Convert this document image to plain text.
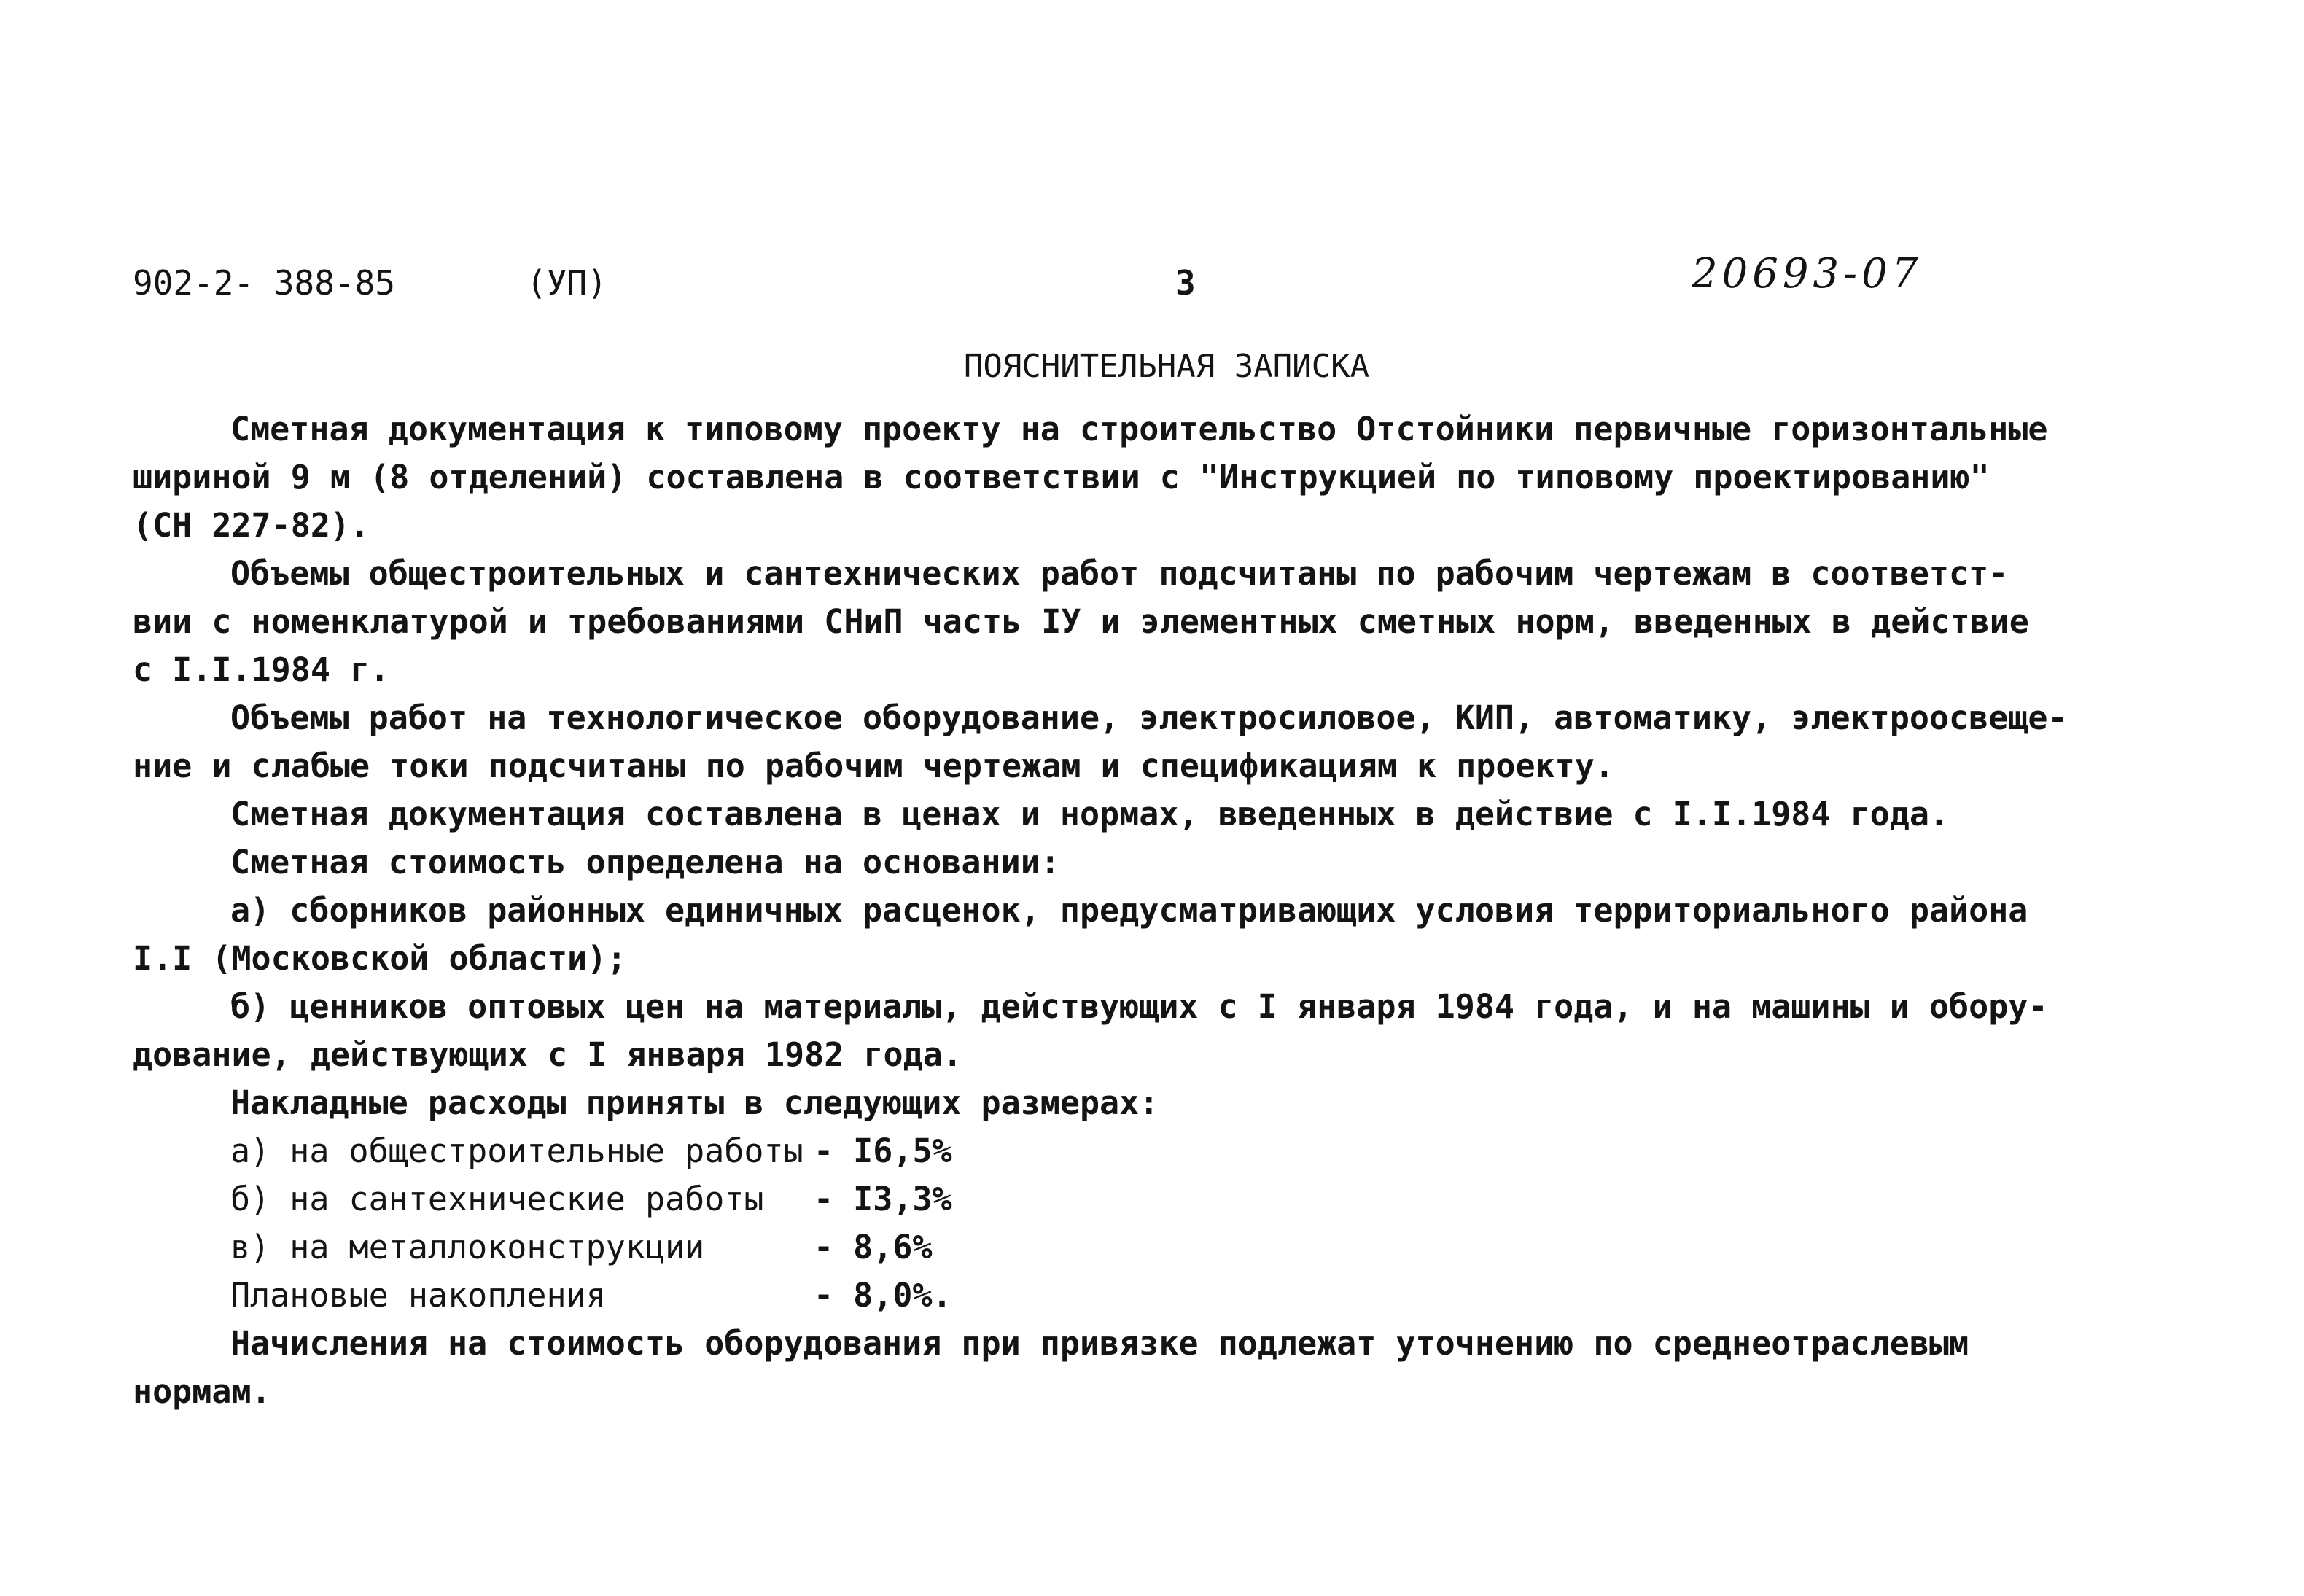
902-2- 388-85	(УП)	3	20693-07
ПОЯСНИТЕЛЬНАЯ ЗАПИСКА
Сметная документация к типовому проекту на строительство Отстойники первичные горизонтальные
шириной 9 м (8 отделений) составлена в соответствии с "Инструкцией по типовому проектированию"
(СН 227-82).
Объемы общестроительных и сантехнических работ подсчитаны по рабочим чертежам в соответст-
вии с номенклатурой и требованиями СНиП часть IУ и элементных сметных норм, введенных в действие
с I.I.1984 г.
Объемы работ на технологическое оборудование, электросиловое, КИП, автоматику, электроосвеще-
ние и слабые токи подсчитаны по рабочим чертежам и спецификациям к проекту.
Сметная документация составлена в ценах и нормах, введенных в действие с I.I.1984 года.
Сметная стоимость определена на основании:
а) сборников районных единичных расценок, предусматривающих условия территориального района
I.I (Московской области);
б) ценников оптовых цен на материалы, действующих с I января 1984 года, и на машины и обору-
дование, действующих с I января 1982 года.
Накладные расходы приняты в следующих размерах:
а) на общестроительные работы - I6,5%
б) на сантехнические работы	- I3,3%
в) на металлоконструкции	- 8,6%
Плановые накопления	- 8,0%.
Начисления на стоимость оборудования при привязке подлежат уточнению по среднеотраслевым
нормам.
